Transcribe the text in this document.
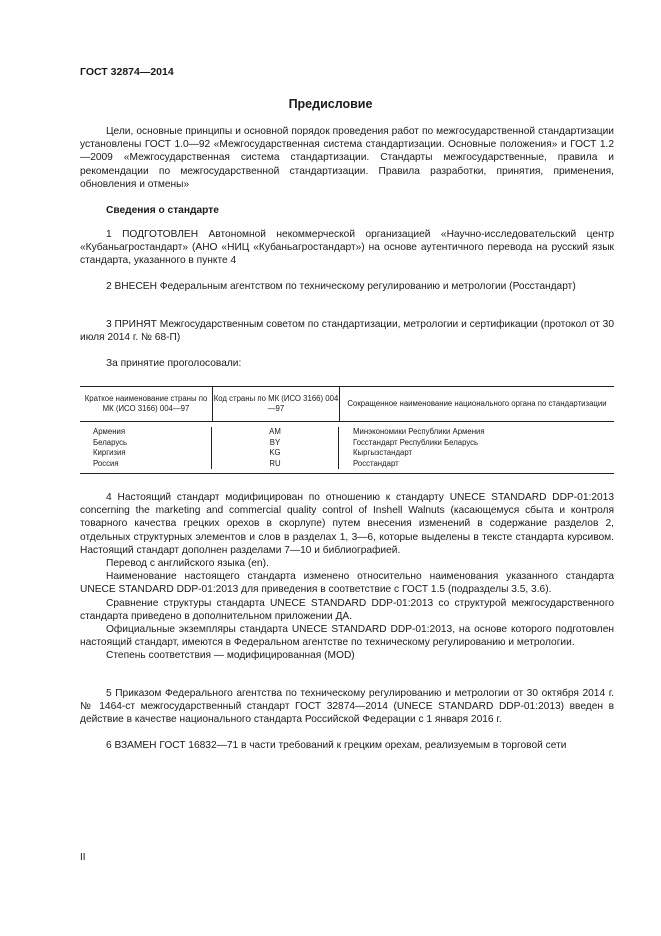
ГОСТ 32874—2014
Предисловие

Цели, основные принципы и основной порядок проведения работ по межгосударственной стандартизации установлены ГОСТ 1.0—92 «Межгосударственная система стандартизации. Основные положения» и ГОСТ 1.2—2009 «Межгосударственная система стандартизации. Стандарты межгосударственные, правила и рекомендации по межгосударственной стандартизации. Правила разработки, принятия, применения, обновления и отмены»

Сведения о стандарте

1 ПОДГОТОВЛЕН Автономной некоммерческой организацией «Научно-исследовательский центр «Кубаньагростандарт» (АНО «НИЦ «Кубаньагростандарт») на основе аутентичного перевода на русский язык стандарта, указанного в пункте 4

2 ВНЕСЕН Федеральным агентством по техническому регулированию и метрологии (Росстандарт)

3 ПРИНЯТ Межгосударственным советом по стандартизации, метрологии и сертификации (протокол от 30 июля 2014 г. № 68-П)

За принятие проголосовали:

Краткое наименование страны по МК (ИСО 3166) 004—97
Код страны по МК (ИСО 3166) 004—97
Сокращенное наименование национального органа по стандартизации
Армения
Беларусь
Киргизия
Россия
AM
BY
KG
RU
Минэкономики Республики Армения
Госстандарт Республики Беларусь
Кыргызстандарт
Росстандарт

4 Настоящий стандарт модифицирован по отношению к стандарту UNECE STANDARD DDP-01:2013 concerning the marketing and commercial quality control of Inshell Walnuts (касающемуся сбыта и контроля товарного качества грецких орехов в скорлупе) путем внесения изменений в содержание разделов 2, отдельных структурных элементов и слов в разделах 1, 3—6, которые выделены в тексте стандарта курсивом. Настоящий стандарт дополнен разделами 7—10 и библиографией.

Перевод с английского языка (en).

Наименование настоящего стандарта изменено относительно наименования указанного стандарта UNECE STANDARD DDP-01:2013 для приведения в соответствие с ГОСТ 1.5 (подразделы 3.5, 3.6).

Сравнение структуры стандарта UNECE STANDARD DDP-01:2013 со структурой межгосударственного стандарта приведено в дополнительном приложении ДА.

Официальные экземпляры стандарта UNECE STANDARD DDP-01:2013, на основе которого подготовлен настоящий стандарт, имеются в Федеральном агентстве по техническому регулированию и метрологии.

Степень соответствия — модифицированная (MOD)

5 Приказом Федерального агентства по техническому регулированию и метрологии от 30 октября 2014 г. № 1464-ст межгосударственный стандарт ГОСТ 32874—2014 (UNECE STANDARD DDP-01:2013) введен в действие в качестве национального стандарта Российской Федерации с 1 января 2016 г.

6 ВЗАМЕН ГОСТ 16832—71 в части требований к грецким орехам, реализуемым в торговой сети

II
